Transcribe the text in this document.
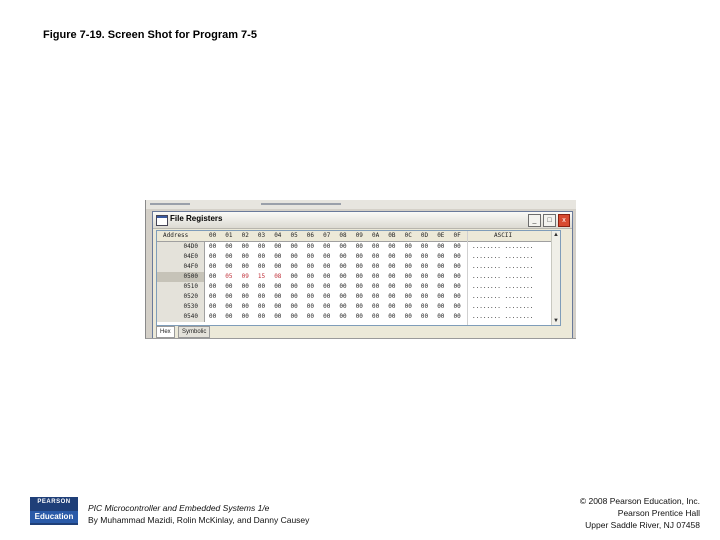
Figure 7-19. Screen Shot for Program 7-5
File Registers	_	□	x
Address	00 01 02 03 04 05 06 07 08 09 0A 0B 0C 0D 0E 0F	ASCII
04D0	00 00 00 00 00 00 00 00 00 00 00 00 00 00 00 00 ........ ........
04E0	00 00 00 00 00 00 00 00 00 00 00 00 00 00 00 00 ........ ........
04F0	00 00 00 00 00 00 00 00 00 00 00 00 00 00 00 00 ........ ........
0500	00 05 09 15 08 00 00 00 00 00 00 00 00 00 00 00 ........ ........
0510	00 00 00 00 00 00 00 00 00 00 00 00 00 00 00 00 ........ ........
0520	00 00 00 00 00 00 00 00 00 00 00 00 00 00 00 00 ........ ........
0530	00 00 00 00 00 00 00 00 00 00 00 00 00 00 00 00 ........ ........
0540	00 00 00 00 00 00 00 00 00 00 00 00 00 00 00 00 ........ ........
▲
▼
Hex	Symbolic
PEARSON
Education
PIC Microcontroller and Embedded Systems 1/e
By Muhammad Mazidi, Rolin McKinlay, and Danny Causey
© 2008 Pearson Education, Inc.
Pearson Prentice Hall
Upper Saddle River, NJ 07458
